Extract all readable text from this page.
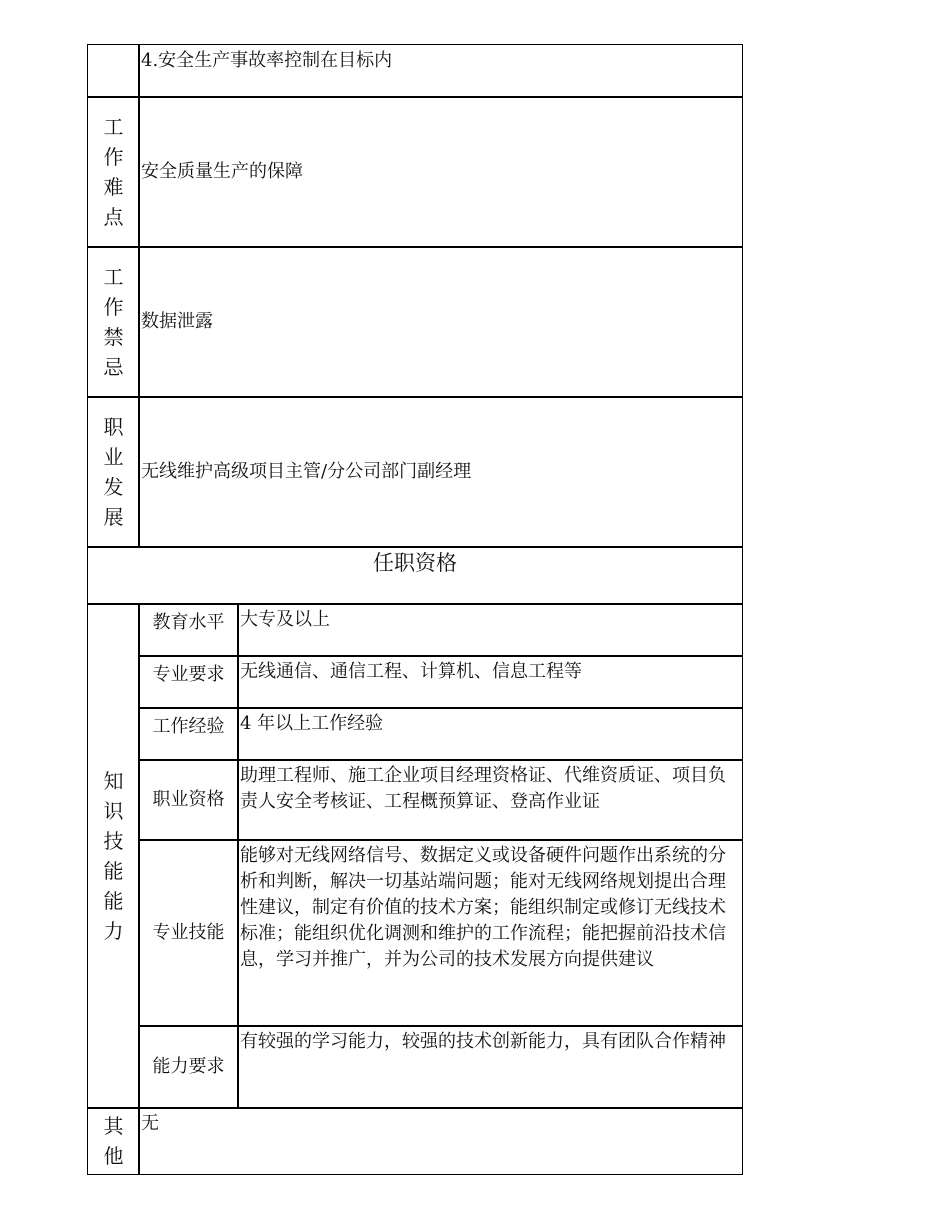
4.安全生产事故率控制在目标内
工
作
难
点
安全质量生产的保障
工
作
禁
忌
数据泄露
职
业
发
展
无线维护高级项目主管/分公司部门副经理
任职资格
知
识
技
能
能
力
教育水平 大专及以上
专业要求 无线通信、通信工程、计算机、信息工程等
工作经验 4 年以上工作经验
职业资格
助理工程师、施工企业项目经理资格证、代维资质证、项目负责人安全考核证、工程概预算证、登高作业证
专业技能
能够对无线网络信号、数据定义或设备硬件问题作出系统的分析和判断，解决一切基站端问题；能对无线网络规划提出合理性建议，制定有价值的技术方案；能组织制定或修订无线技术标准；能组织优化调测和维护的工作流程；能把握前沿技术信息，学习并推广，并为公司的技术发展方向提供建议
能力要求
有较强的学习能力，较强的技术创新能力，具有团队合作精神
其
他
无
